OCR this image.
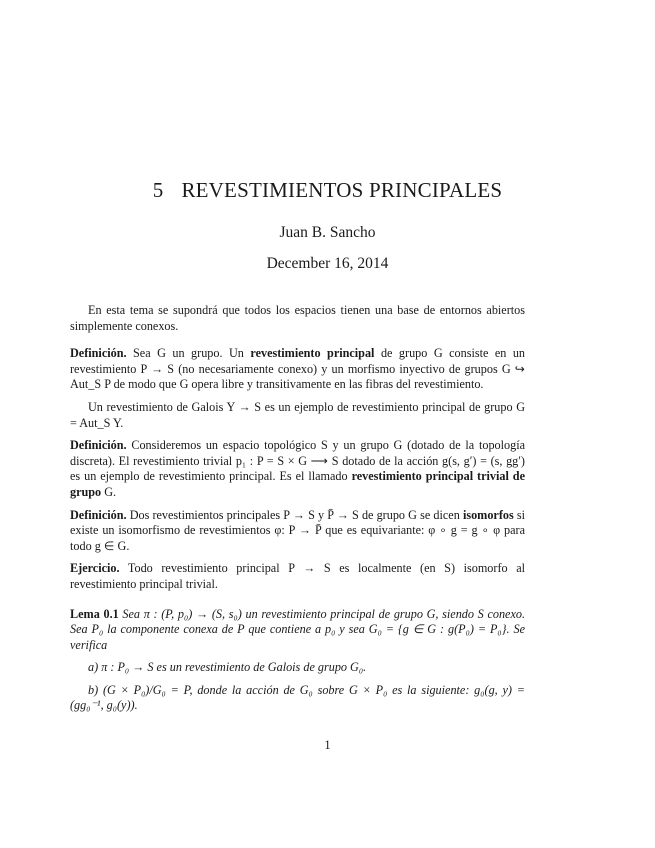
5 REVESTIMIENTOS PRINCIPALES
Juan B. Sancho
December 16, 2014

En esta tema se supondrá que todos los espacios tienen una base de entornos abiertos simplemente conexos.

Definición. Sea G un grupo. Un revestimiento principal de grupo G consiste en un revestimiento P → S (no necesariamente conexo) y un morfismo inyectivo de grupos G ↪ Aut_S P de modo que G opera libre y transitivamente en las fibras del revestimiento.

Un revestimiento de Galois Y → S es un ejemplo de revestimiento principal de grupo G = Aut_S Y.

Definición. Consideremos un espacio topológico S y un grupo G (dotado de la topología discreta). El revestimiento trivial p₁ : P = S × G ⟶ S dotado de la acción g(s, g′) = (s, gg′) es un ejemplo de revestimiento principal. Es el llamado revestimiento principal trivial de grupo G.

Definición. Dos revestimientos principales P → S y P̄ → S de grupo G se dicen isomorfos si existe un isomorfismo de revestimientos φ: P → P̄ que es equivariante: φ ∘ g = g ∘ φ para todo g ∈ G.

Ejercicio. Todo revestimiento principal P → S es localmente (en S) isomorfo al revestimiento principal trivial.

Lema 0.1 Sea π : (P, p₀) → (S, s₀) un revestimiento principal de grupo G, siendo S conexo. Sea P₀ la componente conexa de P que contiene a p₀ y sea G₀ = {g ∈ G : g(P₀) = P₀}. Se verifica

a) π : P₀ → S es un revestimiento de Galois de grupo G₀.

b) (G × P₀)/G₀ = P, donde la acción de G₀ sobre G × P₀ es la siguiente: g₀(g, y) = (gg₀⁻¹, g₀(y)).

1
